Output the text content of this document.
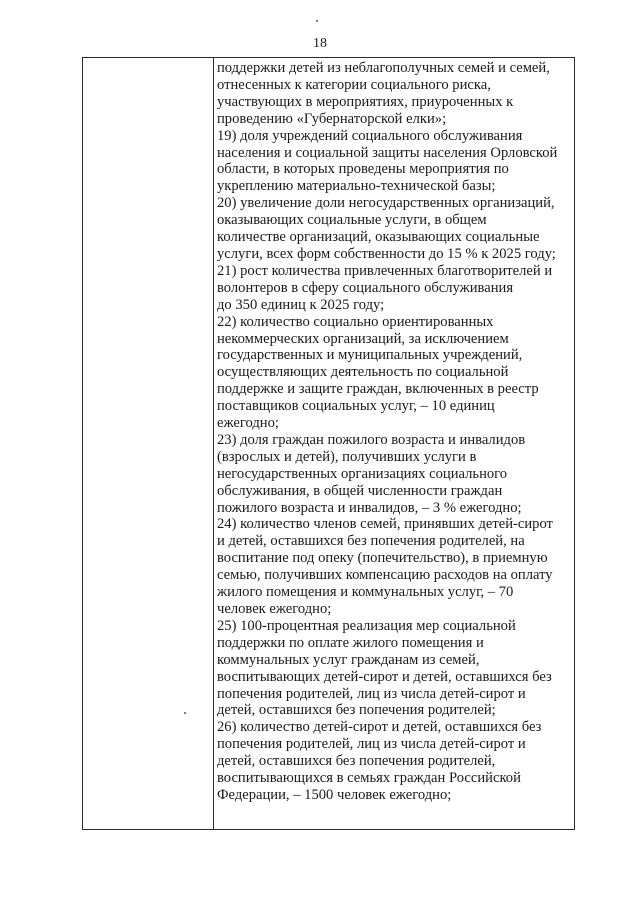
18
поддержки детей из неблагополучных семей и семей,
отнесенных к категории социального риска,
участвующих в мероприятиях, приуроченных к
проведению «Губернаторской елки»;
19) доля учреждений социального обслуживания
населения и социальной защиты населения Орловской
области, в которых проведены мероприятия по
укреплению материально-технической базы;
20) увеличение доли негосударственных организаций,
оказывающих социальные услуги, в общем
количестве организаций, оказывающих социальные
услуги, всех форм собственности до 15 % к 2025 году;
21) рост количества привлеченных благотворителей и
волонтеров в сферу социального обслуживания
до 350 единиц к 2025 году;
22) количество социально ориентированных
некоммерческих организаций, за исключением
государственных и муниципальных учреждений,
осуществляющих деятельность по социальной
поддержке и защите граждан, включенных в реестр
поставщиков социальных услуг, – 10 единиц
ежегодно;
23) доля граждан пожилого возраста и инвалидов
(взрослых и детей), получивших услуги в
негосударственных организациях социального
обслуживания, в общей численности граждан
пожилого возраста и инвалидов, – 3 % ежегодно;
24) количество членов семей, принявших детей-сирот
и детей, оставшихся без попечения родителей, на
воспитание под опеку (попечительство), в приемную
семью, получивших компенсацию расходов на оплату
жилого помещения и коммунальных услуг, – 70
человек ежегодно;
25) 100-процентная реализация мер социальной
поддержки по оплате жилого помещения и
коммунальных услуг гражданам из семей,
воспитывающих детей-сирот и детей, оставшихся без
попечения родителей, лиц из числа детей-сирот и
детей, оставшихся без попечения родителей;
26) количество детей-сирот и детей, оставшихся без
попечения родителей, лиц из числа детей-сирот и
детей, оставшихся без попечения родителей,
воспитывающихся в семьях граждан Российской
Федерации, – 1500 человек ежегодно;
